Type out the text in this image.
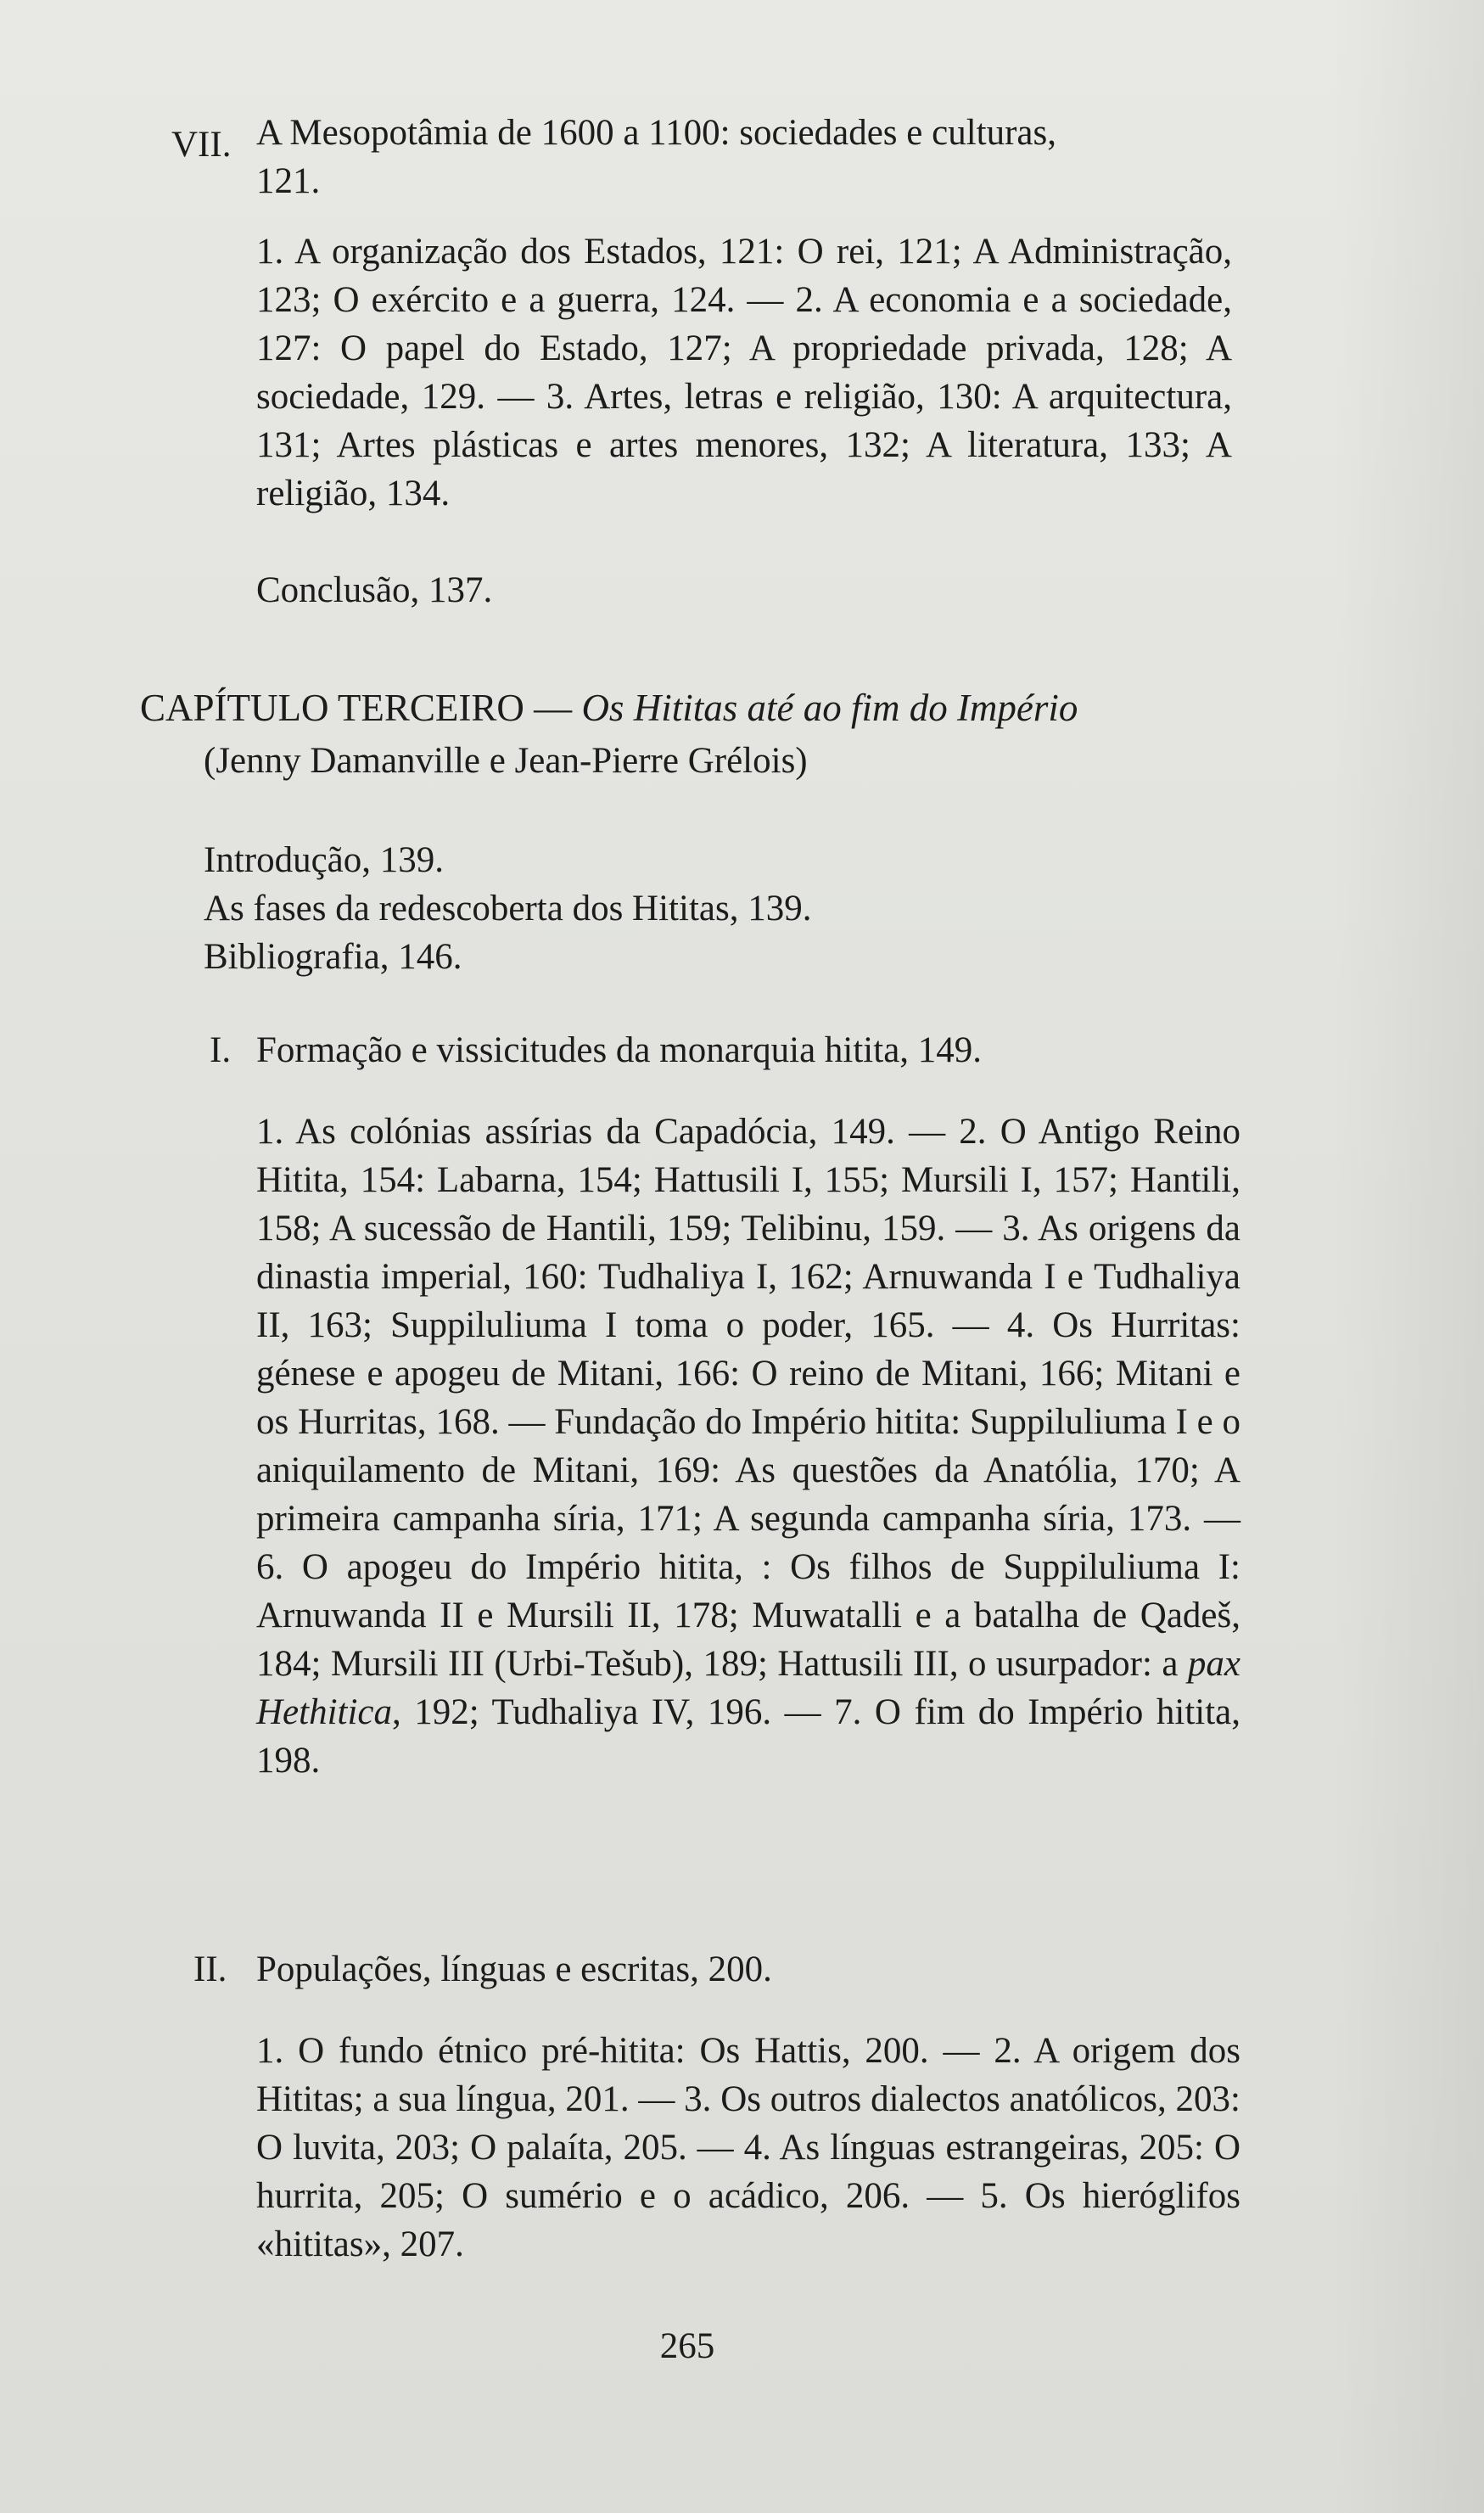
VII. A Mesopotâmia de 1600 a 1100: sociedades e culturas,
121.
1. A organização dos Estados, 121: O rei, 121; A Administração, 123; O exército e a guerra, 124. — 2. A economia e a sociedade, 127: O papel do Estado, 127; A propriedade privada, 128; A sociedade, 129. — 3. Artes, letras e religião, 130: A arquitectura, 131; Artes plásticas e artes menores, 132; A literatura, 133; A religião, 134.
Conclusão, 137.
CAPÍTULO TERCEIRO — Os Hititas até ao fim do Império
(Jenny Damanville e Jean-Pierre Grélois)
Introdução, 139.
As fases da redescoberta dos Hititas, 139.
Bibliografia, 146.
I. Formação e vissicitudes da monarquia hitita, 149.
1. As colónias assírias da Capadócia, 149. — 2. O Antigo Reino Hitita, 154: Labarna, 154; Hattusili I, 155; Mursili I, 157; Hantili, 158; A sucessão de Hantili, 159; Telibinu, 159. — 3. As origens da dinastia imperial, 160: Tudhaliya I, 162; Arnuwanda I e Tudhaliya II, 163; Suppiluliuma I toma o poder, 165. — 4. Os Hurritas: génese e apogeu de Mitani, 166: O reino de Mitani, 166; Mitani e os Hurritas, 168. — Fundação do Império hitita: Suppiluliuma I e o aniquilamento de Mitani, 169: As questões da Anatólia, 170; A primeira campanha síria, 171; A segunda campanha síria, 173. — 6. O apogeu do Império hitita, : Os filhos de Suppiluliuma I: Arnuwanda II e Mursili II, 178; Muwatalli e a batalha de Qadeš, 184; Mursili III (Urbi-Tešub), 189; Hattusili III, o usurpador: a pax Hethitica, 192; Tudhaliya IV, 196. — 7. O fim do Império hitita, 198.
II. Populações, línguas e escritas, 200.
1. O fundo étnico pré-hitita: Os Hattis, 200. — 2. A origem dos Hititas; a sua língua, 201. — 3. Os outros dialectos anatólicos, 203: O luvita, 203; O palaíta, 205. — 4. As línguas estrangeiras, 205: O hurrita, 205; O sumério e o acádico, 206. — 5. Os hieróglifos «hititas», 207.
265
